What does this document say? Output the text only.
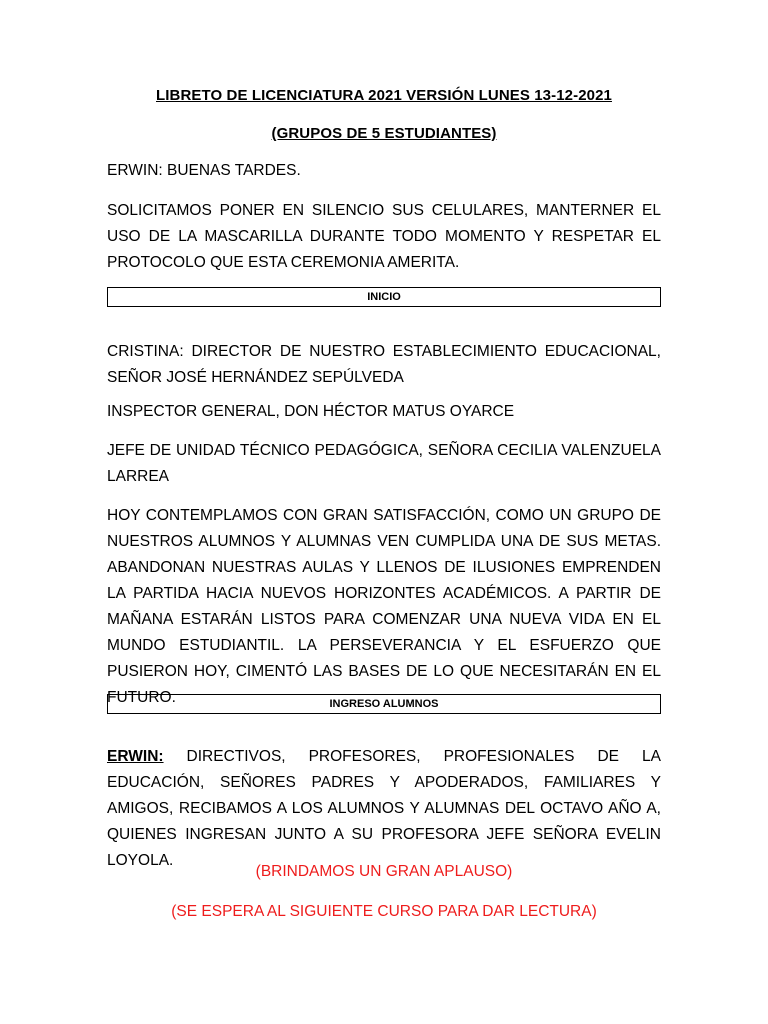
LIBRETO DE LICENCIATURA 2021 VERSIÓN LUNES 13-12-2021
(GRUPOS DE 5 ESTUDIANTES)
ERWIN: BUENAS TARDES.
SOLICITAMOS PONER EN SILENCIO SUS CELULARES, MANTERNER EL USO DE LA MASCARILLA DURANTE TODO MOMENTO Y RESPETAR EL PROTOCOLO QUE ESTA CEREMONIA AMERITA.
INICIO
CRISTINA: DIRECTOR DE NUESTRO ESTABLECIMIENTO EDUCACIONAL, SEÑOR JOSÉ HERNÁNDEZ SEPÚLVEDA
INSPECTOR GENERAL, DON HÉCTOR MATUS OYARCE
JEFE DE UNIDAD TÉCNICO PEDAGÓGICA, SEÑORA CECILIA VALENZUELA LARREA
HOY CONTEMPLAMOS CON GRAN SATISFACCIÓN, COMO UN GRUPO DE NUESTROS ALUMNOS Y ALUMNAS VEN CUMPLIDA UNA DE SUS METAS. ABANDONAN NUESTRAS AULAS Y LLENOS DE ILUSIONES EMPRENDEN LA PARTIDA HACIA NUEVOS HORIZONTES ACADÉMICOS. A PARTIR DE MAÑANA ESTARÁN LISTOS PARA COMENZAR UNA NUEVA VIDA EN EL MUNDO ESTUDIANTIL. LA PERSEVERANCIA Y EL ESFUERZO QUE PUSIERON HOY, CIMENTÓ LAS BASES DE LO QUE NECESITARÁN EN EL FUTURO.	INGRESO ALUMNOS
ERWIN: DIRECTIVOS, PROFESORES, PROFESIONALES DE LA EDUCACIÓN, SEÑORES PADRES Y APODERADOS, FAMILIARES Y AMIGOS, RECIBAMOS A LOS ALUMNOS Y ALUMNAS DEL OCTAVO AÑO A, QUIENES INGRESAN JUNTO A SU PROFESORA JEFE SEÑORA EVELIN LOYOLA.
(BRINDAMOS UN GRAN APLAUSO)
(SE ESPERA AL SIGUIENTE CURSO PARA DAR LECTURA)
